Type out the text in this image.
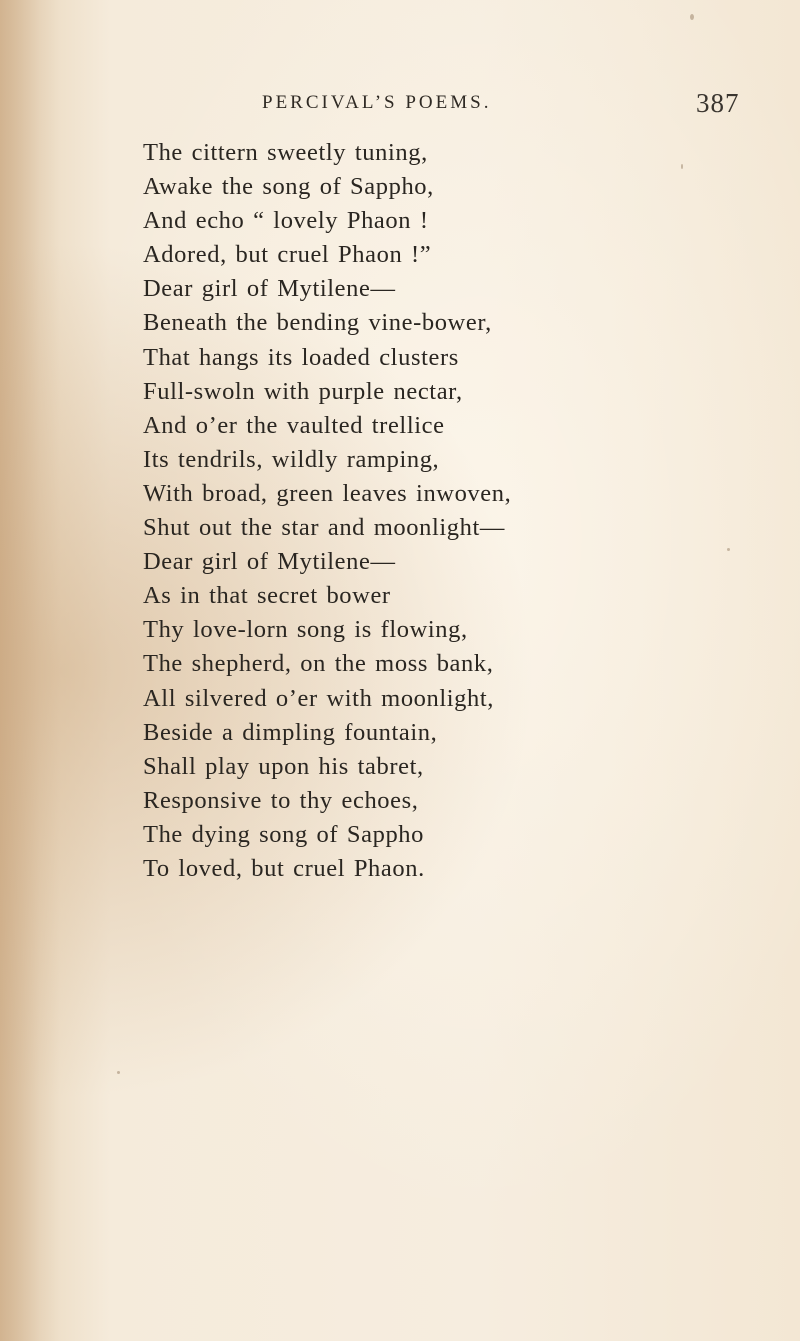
PERCIVAL’S POEMS.	387
The cittern sweetly tuning,
Awake the song of Sappho,
And echo “ lovely Phaon !
Adored, but cruel Phaon !”
Dear girl of Mytilene—
Beneath the bending vine-bower,
That hangs its loaded clusters
Full-swoln with purple nectar,
And o’er the vaulted trellice
Its tendrils, wildly ramping,
With broad, green leaves inwoven,
Shut out the star and moonlight—
Dear girl of Mytilene—
As in that secret bower
Thy love-lorn song is flowing,
The shepherd, on the moss bank,
All silvered o’er with moonlight,
Beside a dimpling fountain,
Shall play upon his tabret,
Responsive to thy echoes,
The dying song of Sappho
To loved, but cruel Phaon.
